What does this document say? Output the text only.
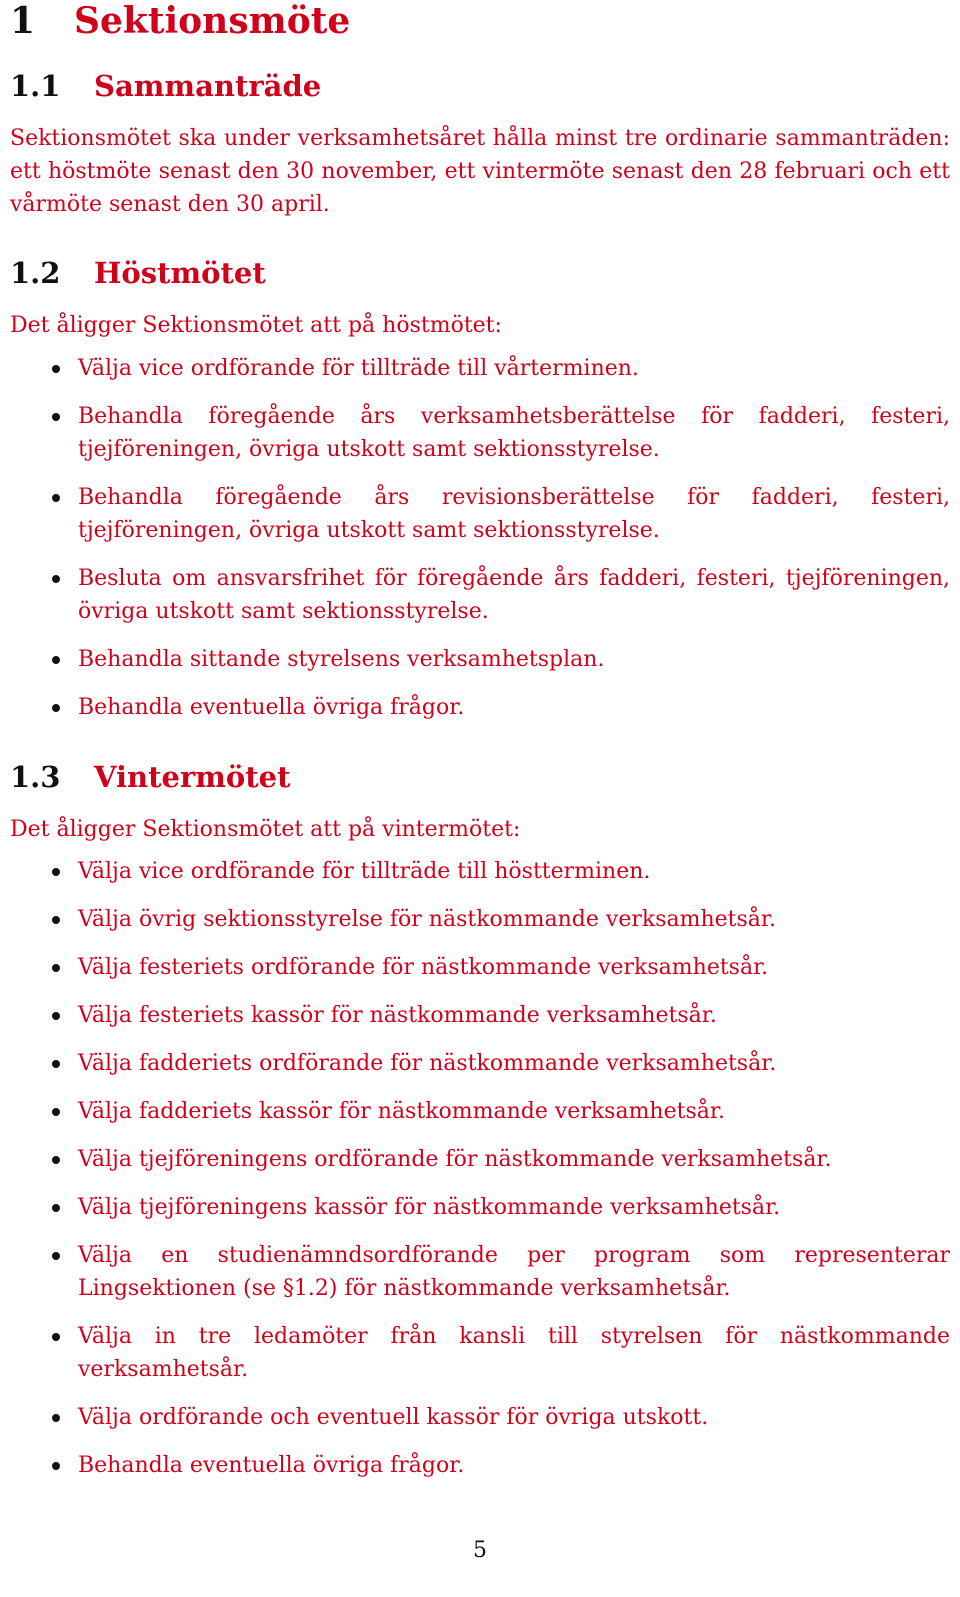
1 Sektionsmöte
1.1 Sammanträde

Sektionsmötet ska under verksamhetsåret hålla minst tre ordinarie sammanträden: ett höstmöte senast den 30 november, ett vintermöte senast den 28 februari och ett vårmöte senast den 30 april.

1.2 Höstmötet

Det åligger Sektionsmötet att på höstmötet:

Välja vice ordförande för tillträde till vårterminen.
Behandla föregående års verksamhetsberättelse för fadderi, festeri, tjejföreningen, övriga utskott samt sektionsstyrelse.
Behandla föregående års revisionsberättelse för fadderi, festeri, tjejföreningen, övriga utskott samt sektionsstyrelse.
Besluta om ansvarsfrihet för föregående års fadderi, festeri, tjejföreningen, övriga utskott samt sektionsstyrelse.
Behandla sittande styrelsens verksamhetsplan.
Behandla eventuella övriga frågor.
1.3 Vintermötet

Det åligger Sektionsmötet att på vintermötet:

Välja vice ordförande för tillträde till höstterminen.
Välja övrig sektionsstyrelse för nästkommande verksamhetsår.
Välja festeriets ordförande för nästkommande verksamhetsår.
Välja festeriets kassör för nästkommande verksamhetsår.
Välja fadderiets ordförande för nästkommande verksamhetsår.
Välja fadderiets kassör för nästkommande verksamhetsår.
Välja tjejföreningens ordförande för nästkommande verksamhetsår.
Välja tjejföreningens kassör för nästkommande verksamhetsår.
Välja en studienämndsordförande per program som representerar Lingsektionen (se §1.2) för nästkommande verksamhetsår.
Välja in tre ledamöter från kansli till styrelsen för nästkommande verksamhetsår.
Välja ordförande och eventuell kassör för övriga utskott.
Behandla eventuella övriga frågor.
5
